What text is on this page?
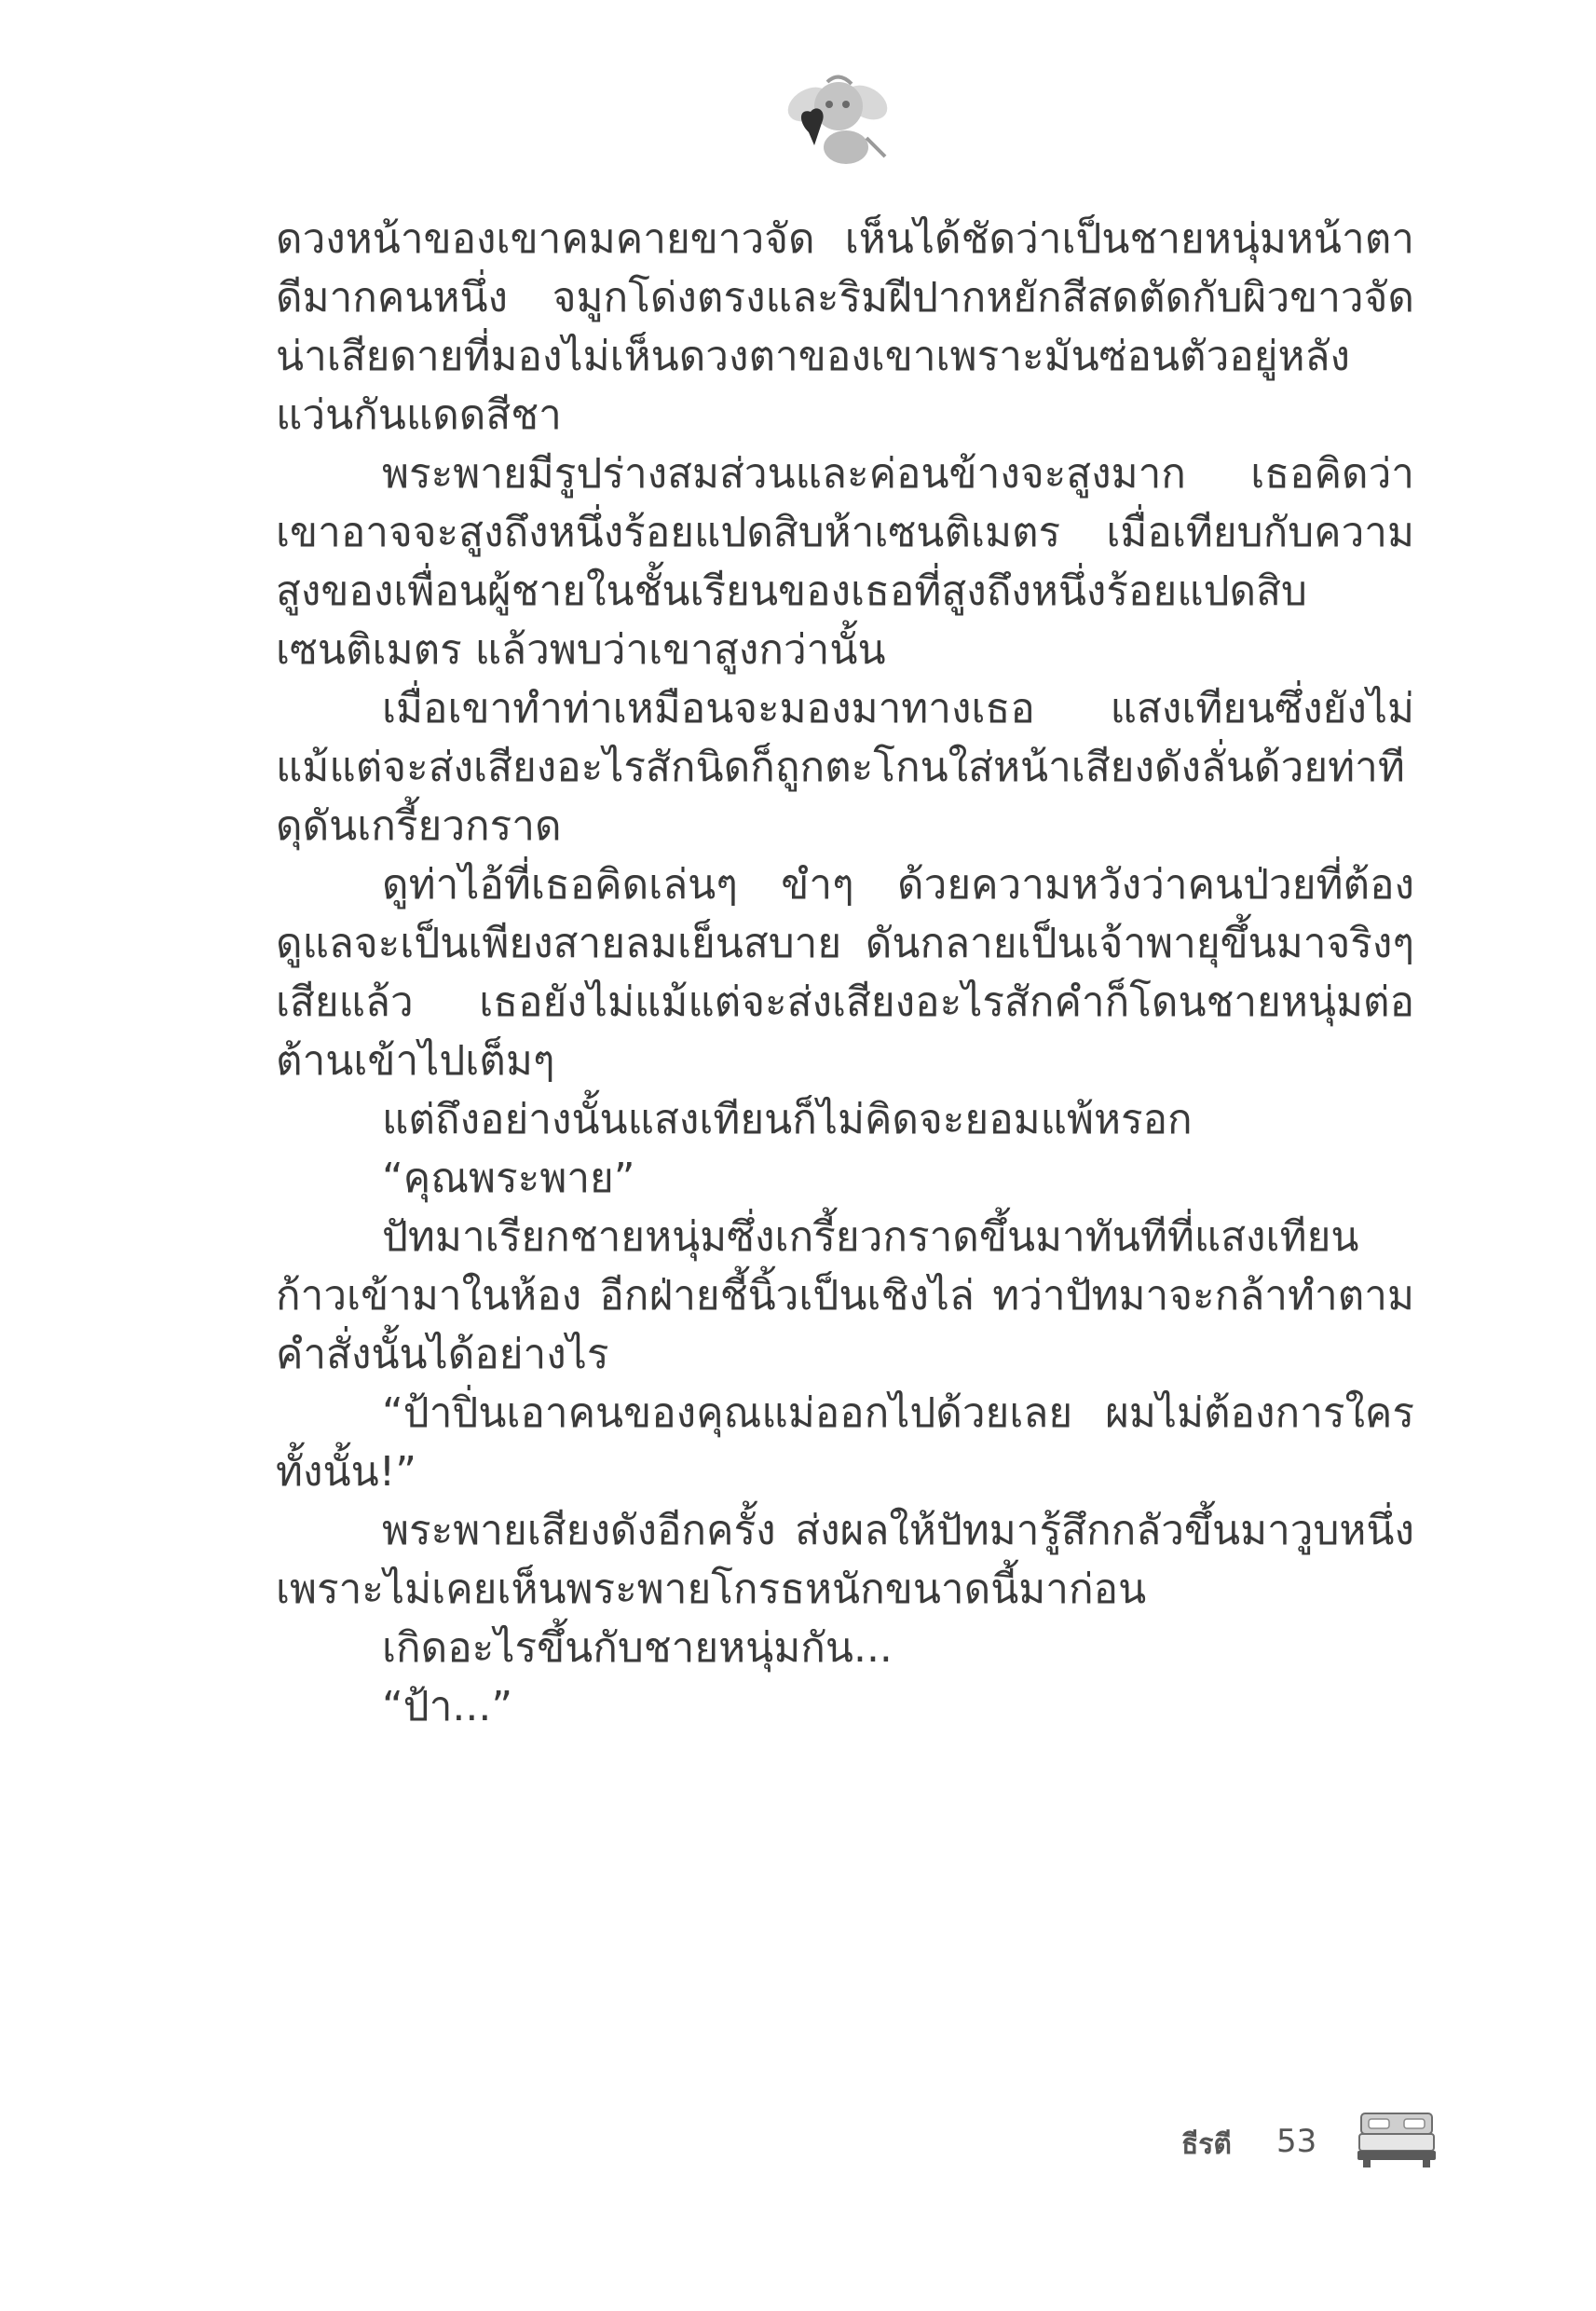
ดวงหน้าของเขาคมคายขาวจัด เห็นได้ชัดว่าเป็นชายหนุ่มหน้าตาดีมากคนหนึ่ง จมูกโด่งตรงและริมฝีปากหยักสีสดตัดกับผิวขาวจัด น่าเสียดายที่มองไม่เห็นดวงตาของเขาเพราะมันซ่อนตัวอยู่หลังแว่นกันแดดสีชา

พระพายมีรูปร่างสมส่วนและค่อนข้างจะสูงมาก เธอคิดว่าเขาอาจจะสูงถึงหนึ่งร้อยแปดสิบห้าเซนติเมตร เมื่อเทียบกับความสูงของเพื่อนผู้ชายในชั้นเรียนของเธอที่สูงถึงหนึ่งร้อยแปดสิบเซนติเมตร แล้วพบว่าเขาสูงกว่านั้น

เมื่อเขาทำท่าเหมือนจะมองมาทางเธอ แสงเทียนซึ่งยังไม่แม้แต่จะส่งเสียงอะไรสักนิดก็ถูกตะโกนใส่หน้าเสียงดังลั่นด้วยท่าทีดุดันเกรี้ยวกราด

ดูท่าไอ้ที่เธอคิดเล่นๆ ขำๆ ด้วยความหวังว่าคนป่วยที่ต้องดูแลจะเป็นเพียงสายลมเย็นสบาย ดันกลายเป็นเจ้าพายุขึ้นมาจริงๆ เสียแล้ว เธอยังไม่แม้แต่จะส่งเสียงอะไรสักคำก็โดนชายหนุ่มต่อต้านเข้าไปเต็มๆ

แต่ถึงอย่างนั้นแสงเทียนก็ไม่คิดจะยอมแพ้หรอก

“คุณพระพาย”

ปัทมาเรียกชายหนุ่มซึ่งเกรี้ยวกราดขึ้นมาทันทีที่แสงเทียนก้าวเข้ามาในห้อง อีกฝ่ายชี้นิ้วเป็นเชิงไล่ ทว่าปัทมาจะกล้าทำตามคำสั่งนั้นได้อย่างไร

“ป้าปิ่นเอาคนของคุณแม่ออกไปด้วยเลย ผมไม่ต้องการใครทั้งนั้น!”

พระพายเสียงดังอีกครั้ง ส่งผลให้ปัทมารู้สึกกลัวขึ้นมาวูบหนึ่ง เพราะไม่เคยเห็นพระพายโกรธหนักขนาดนี้มาก่อน

เกิดอะไรขึ้นกับชายหนุ่มกัน...

“ป้า...”

ธีรตี 53
